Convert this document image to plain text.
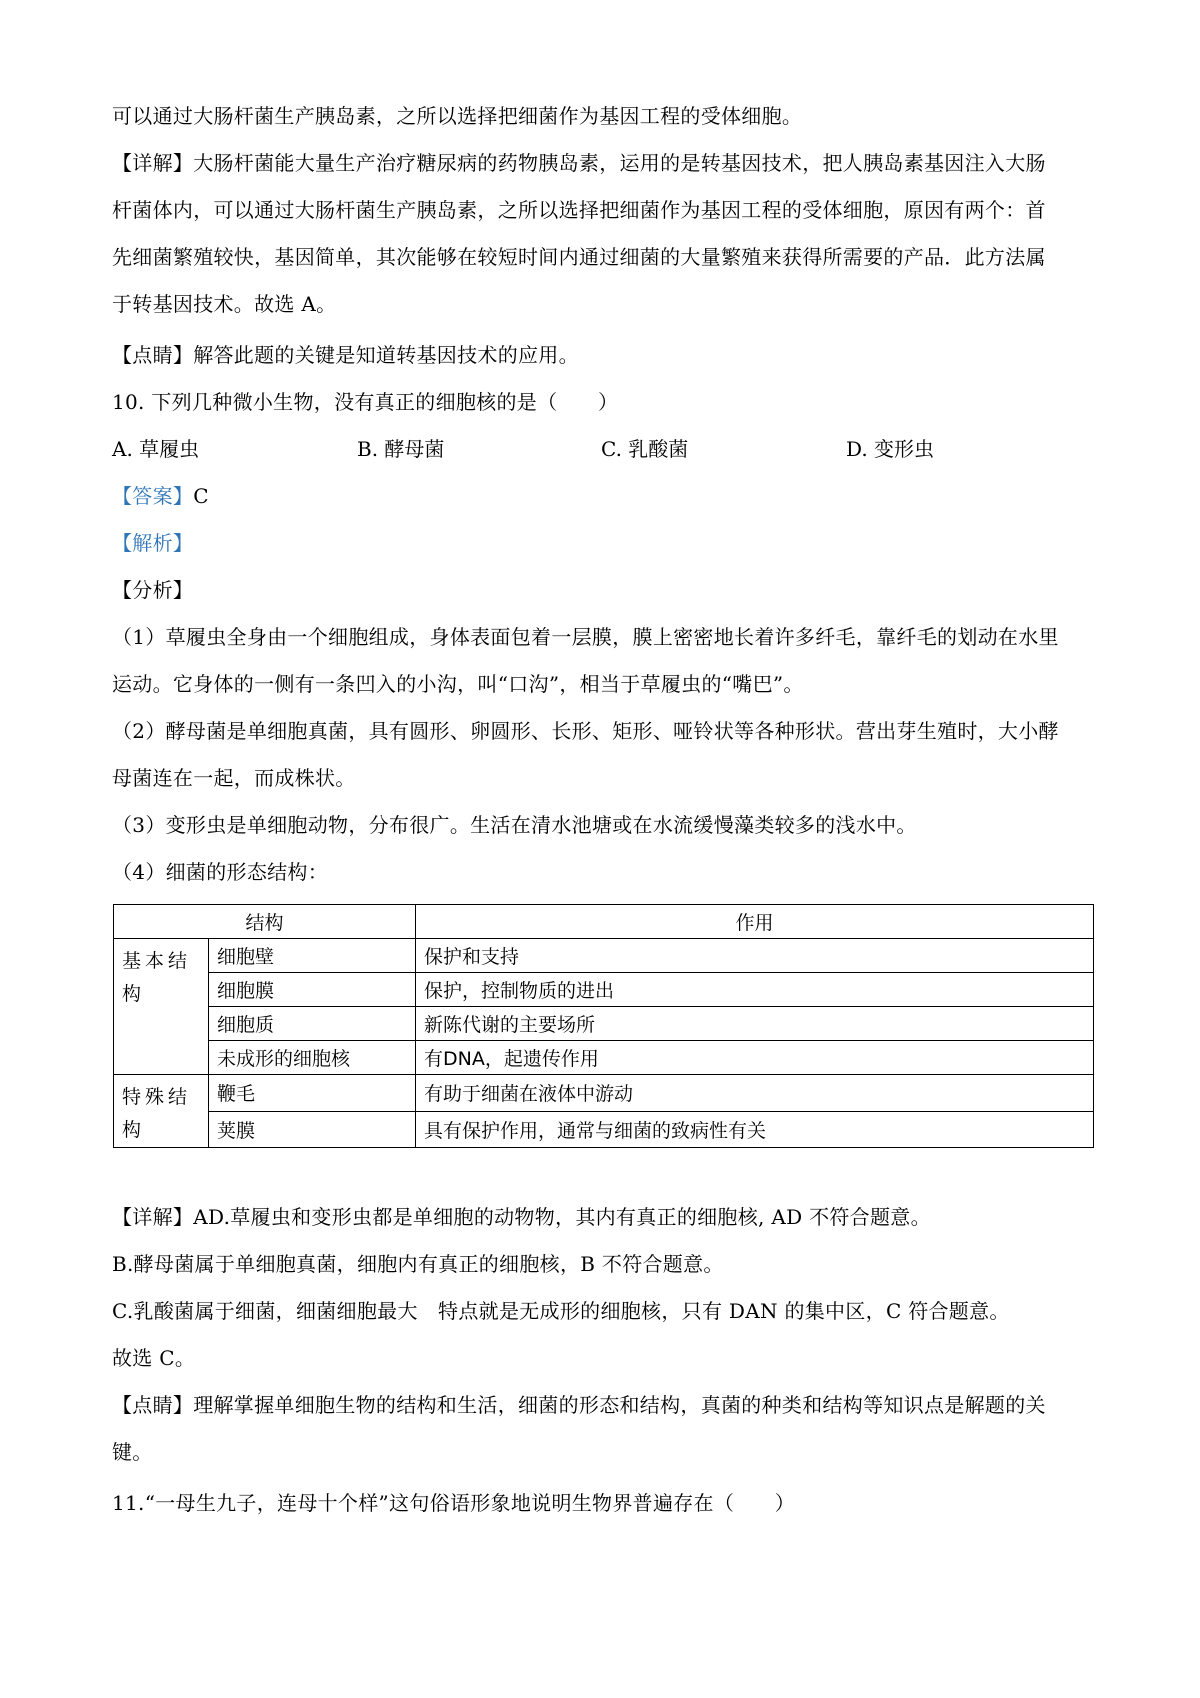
可以通过大肠杆菌生产胰岛素，之所以选择把细菌作为基因工程的受体细胞。
【详解】大肠杆菌能大量生产治疗糖尿病的药物胰岛素，运用的是转基因技术，把人胰岛素基因注入大肠
杆菌体内，可以通过大肠杆菌生产胰岛素，之所以选择把细菌作为基因工程的受体细胞，原因有两个：首
先细菌繁殖较快，基因简单，其次能够在较短时间内通过细菌的大量繁殖来获得所需要的产品．此方法属
于转基因技术。故选 A。
【点睛】解答此题的关键是知道转基因技术的应用。
10. 下列几种微小生物，没有真正的细胞核的是（　　）
A. 草履虫	B. 酵母菌	C. 乳酸菌	D. 变形虫
【答案】C
【解析】
【分析】
（1）草履虫全身由一个细胞组成，身体表面包着一层膜，膜上密密地长着许多纤毛，靠纤毛的划动在水里
运动。它身体的一侧有一条凹入的小沟，叫“口沟”，相当于草履虫的“嘴巴”。
（2）酵母菌是单细胞真菌，具有圆形、卵圆形、长形、矩形、哑铃状等各种形状。营出芽生殖时，大小酵
母菌连在一起，而成株状。
（3）变形虫是单细胞动物，分布很广。生活在清水池塘或在水流缓慢藻类较多的浅水中。
（4）细菌的形态结构：
结构		作用
基本结构	细胞壁	保护和支持
	细胞膜	保护，控制物质的进出
	细胞质	新陈代谢的主要场所
	未成形的细胞核	有DNA，起遗传作用
特殊结构	鞭毛	有助于细菌在液体中游动
	荚膜	具有保护作用，通常与细菌的致病性有关
【详解】AD.草履虫和变形虫都是单细胞的动物物，其内有真正的细胞核, AD 不符合题意。
B.酵母菌属于单细胞真菌，细胞内有真正的细胞核，B 不符合题意。
C.乳酸菌属于细菌，细菌细胞最大　特点就是无成形的细胞核，只有 DAN 的集中区，C 符合题意。
故选 C。
【点睛】理解掌握单细胞生物的结构和生活，细菌的形态和结构，真菌的种类和结构等知识点是解题的关
键。
11.“一母生九子，连母十个样”这句俗语形象地说明生物界普遍存在（　　）
